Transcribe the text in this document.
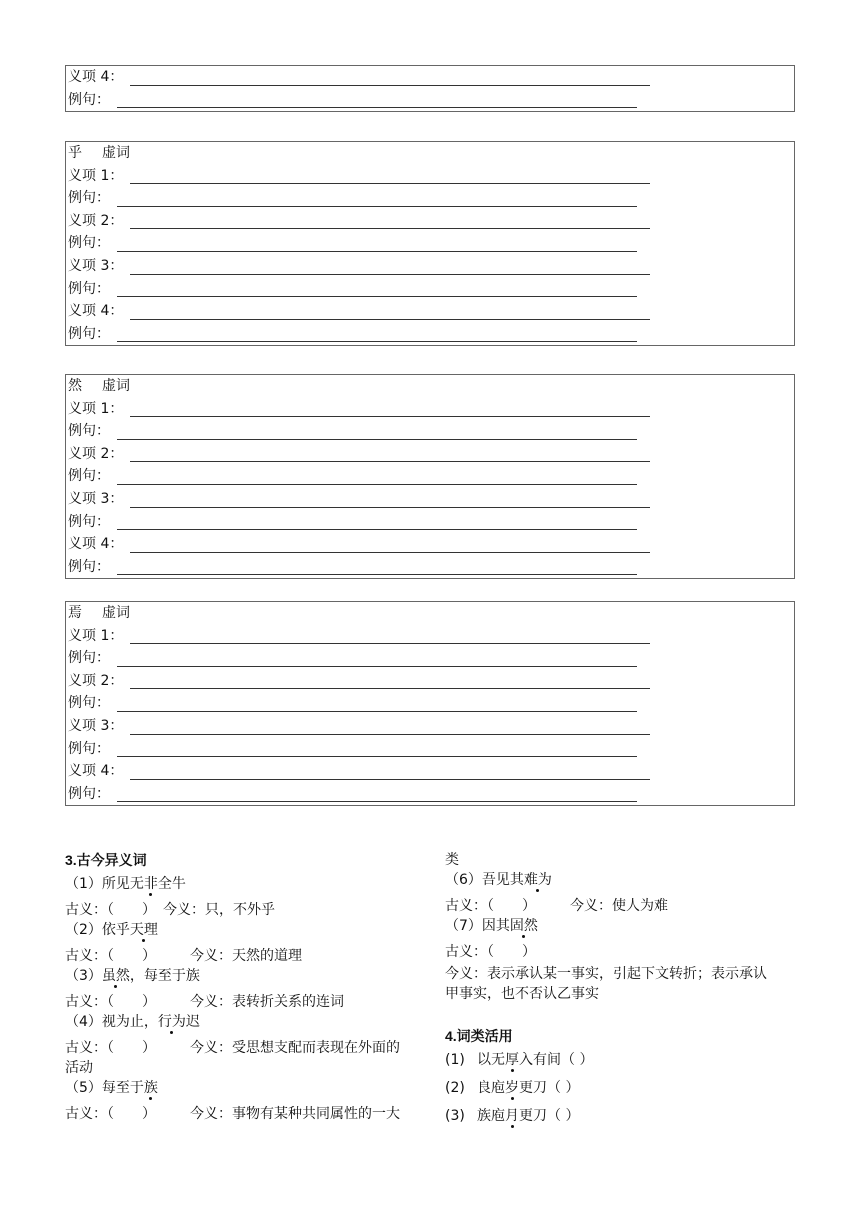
义项 4：
例句：
乎 虚词
义项 1：
例句：
义项 2：
例句：
义项 3：
例句：
义项 4：
例句：
然 虚词
义项 1：
例句：
义项 2：
例句：
义项 3：
例句：
义项 4：
例句：
焉 虚词
义项 1：
例句：
义项 2：
例句：
义项 3：
例句：
义项 4：
例句：

3.古今异义词

（1）所见无非全牛

古义：（　　）　今义：只，不外乎

（2）依乎天理

古义：（　　） 今义：天然的道理

（3）虽然，每至于族

古义：（　　） 今义：表转折关系的连词

（4）视为止，行为迟

古义：（　　） 今义：受思想支配而表现在外面的

活动

（5）每至于族

古义：（　　） 今义：事物有某种共同属性的一大

类

（6）吾见其难为

古义：（　　） 今义：使人为难

（7）因其固然

古义：（　　）

今义：表示承认某一事实，引起下文转折；表示承认

甲事实，也不否认乙事实

4.词类活用

(1) 以无厚入有间（ ）

(2) 良庖岁更刀（ ）

(3) 族庖月更刀（ ）
